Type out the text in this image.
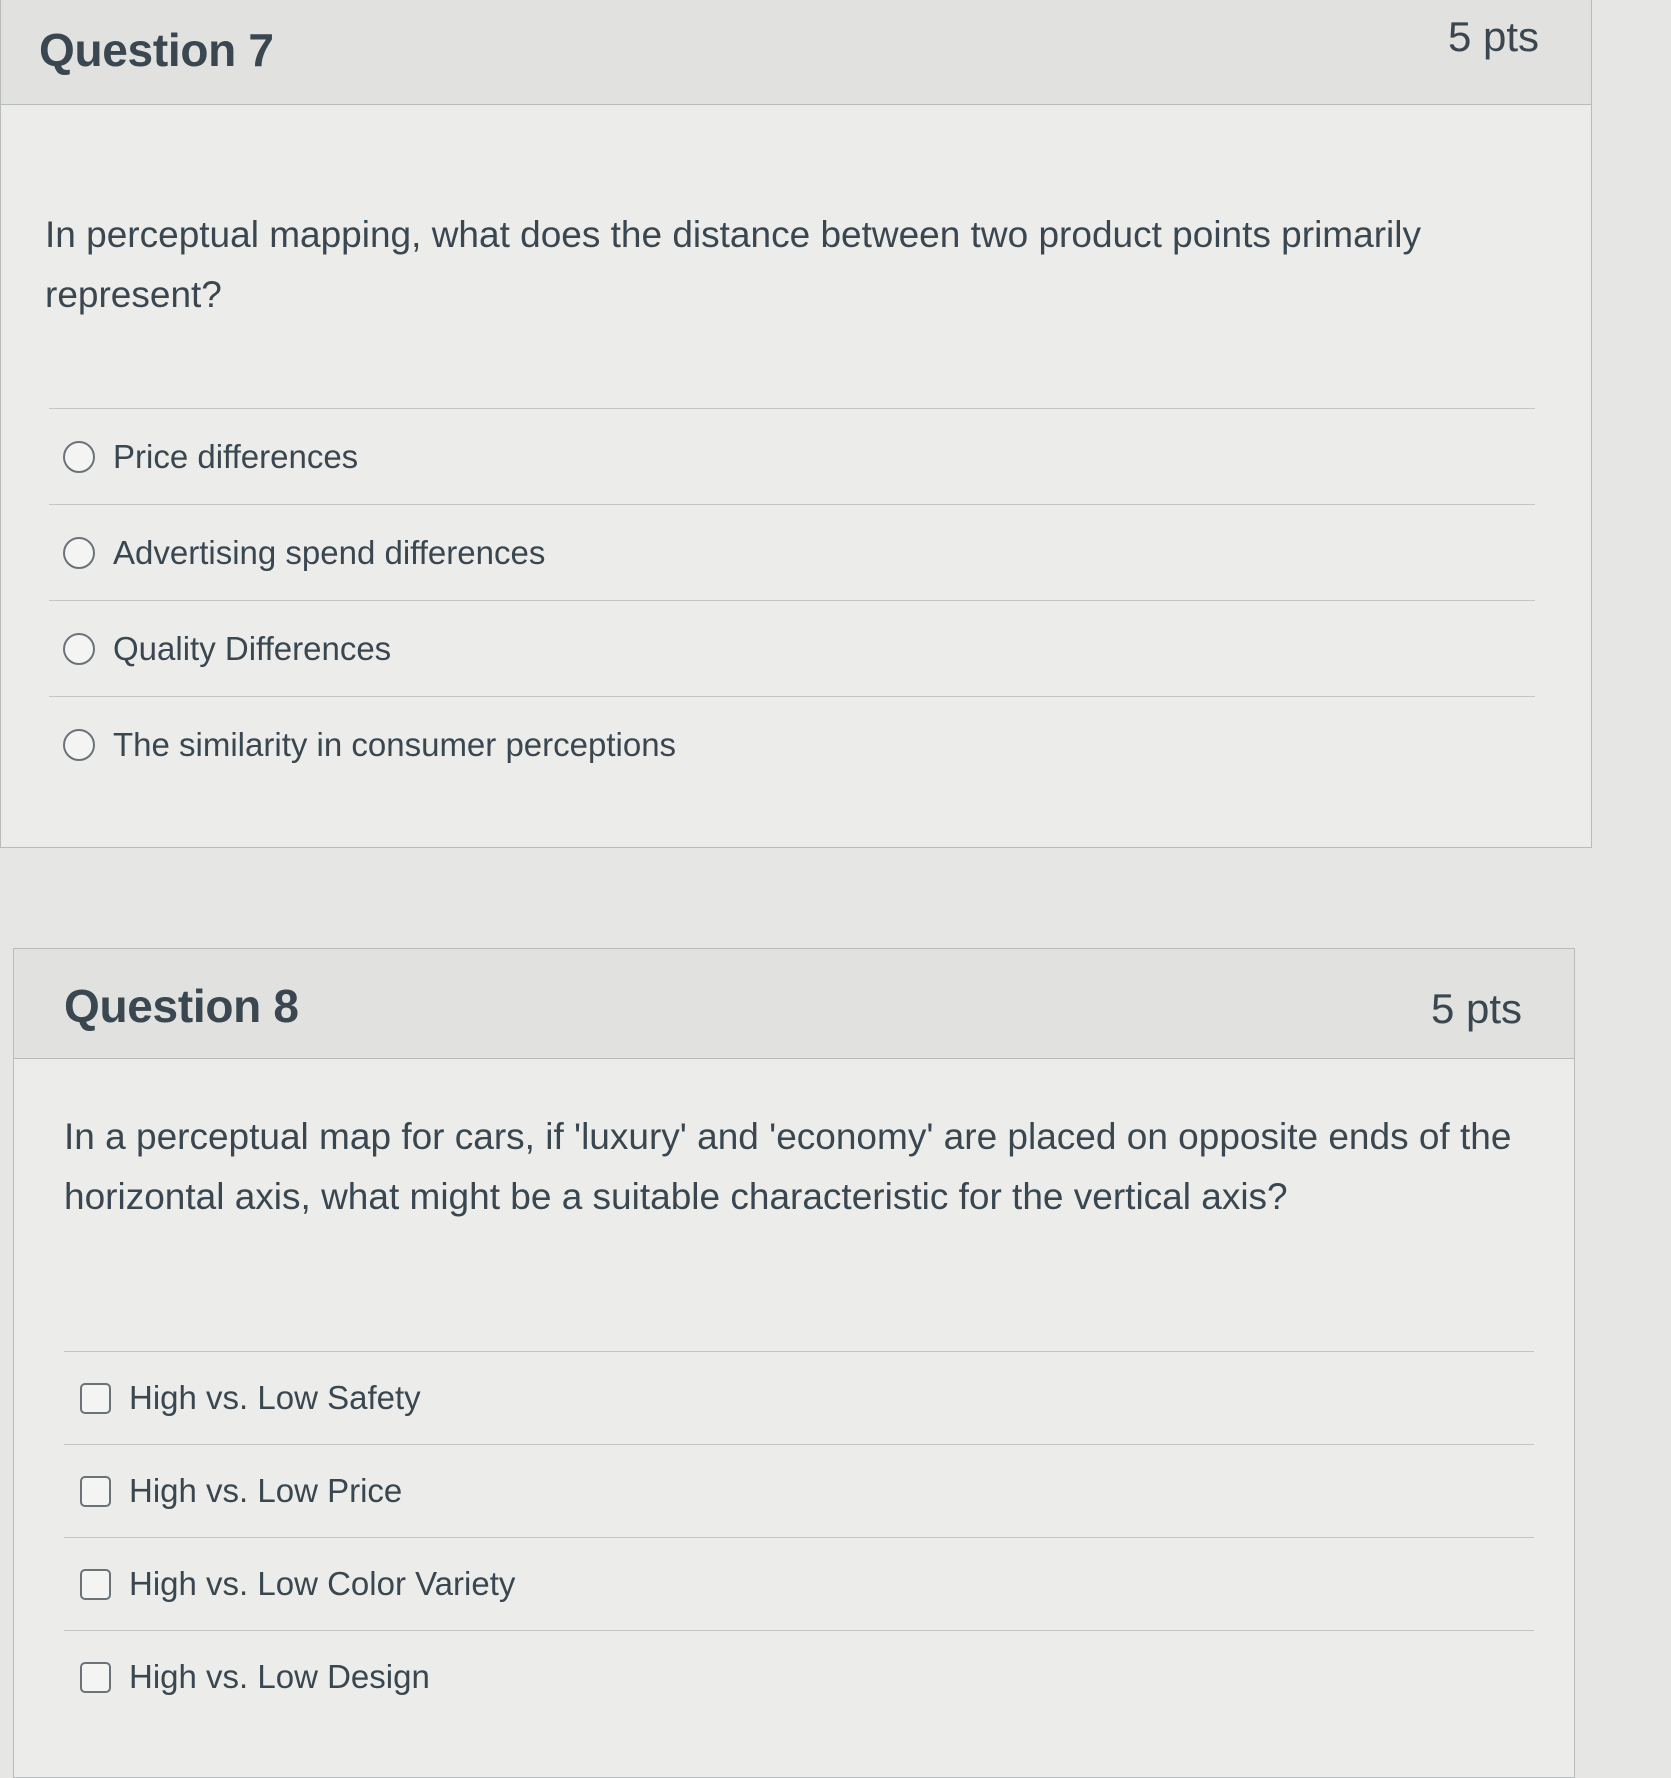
Question 7	5 pts
In perceptual mapping, what does the distance between two product points primarily represent?
Price differences
Advertising spend differences
Quality Differences
The similarity in consumer perceptions
Question 8	5 pts
In a perceptual map for cars, if 'luxury' and 'economy' are placed on opposite ends of the horizontal axis, what might be a suitable characteristic for the vertical axis?
High vs. Low Safety
High vs. Low Price
High vs. Low Color Variety
High vs. Low Design
